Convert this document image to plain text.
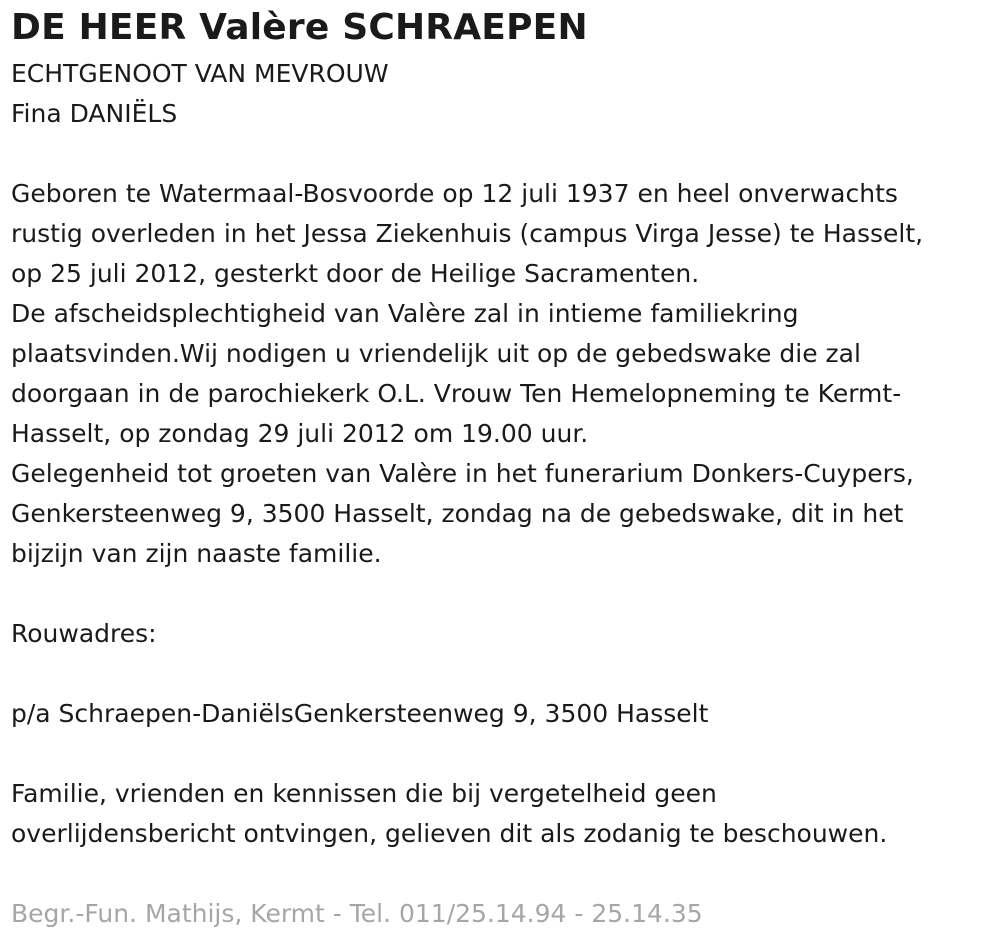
DE HEER Valère SCHRAEPEN

ECHTGENOOT VAN MEVROUW

Fina DANIËLS

Geboren te Watermaal-Bosvoorde op 12 juli 1937 en heel onverwachts
rustig overleden in het Jessa Ziekenhuis (campus Virga Jesse) te Hasselt,
op 25 juli 2012, gesterkt door de Heilige Sacramenten.
De afscheidsplechtigheid van Valère zal in intieme familiekring
plaatsvinden.Wij nodigen u vriendelijk uit op de gebedswake die zal
doorgaan in de parochiekerk O.L. Vrouw Ten Hemelopneming te Kermt-
Hasselt, op zondag 29 juli 2012 om 19.00 uur.
Gelegenheid tot groeten van Valère in het funerarium Donkers-Cuypers,
Genkersteenweg 9, 3500 Hasselt, zondag na de gebedswake, dit in het
bijzijn van zijn naaste familie.

Rouwadres:

p/a Schraepen-DaniëlsGenkersteenweg 9, 3500 Hasselt

Familie, vrienden en kennissen die bij vergetelheid geen
overlijdensbericht ontvingen, gelieven dit als zodanig te beschouwen.

Begr.-Fun. Mathijs, Kermt - Tel. 011/25.14.94 - 25.14.35
